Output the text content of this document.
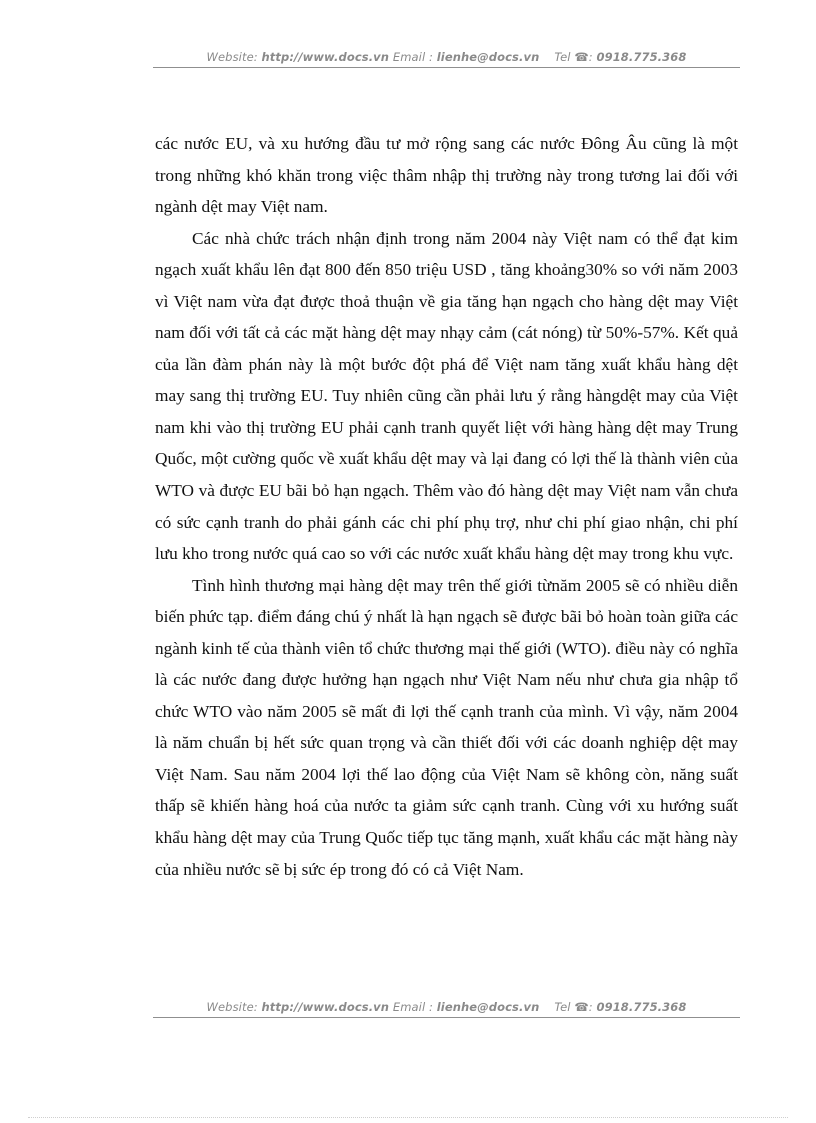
Website: http://www.docs.vn Email : lienhe@docs.vn Tel ☎: 0918.775.368

các nước EU, và xu hướng đầu tư mở rộng sang các nước Đông Âu cũng là một trong những khó khăn trong việc thâm nhập thị trường này trong tương lai đối với ngành dệt may Việt nam.

Các nhà chức trách nhận định trong năm 2004 này Việt nam có thể đạt kim ngạch xuất khẩu lên đạt 800 đến 850 triệu USD , tăng khoảng30% so với năm 2003 vì Việt nam vừa đạt được thoả thuận về gia tăng hạn ngạch cho hàng dệt may Việt nam đối với tất cả các mặt hàng dệt may nhạy cảm (cát nóng) từ 50%-57%. Kết quả của lần đàm phán này là một bước đột phá để Việt nam tăng xuất khẩu hàng dệt may sang thị trường EU. Tuy nhiên cũng cần phải lưu ý rằng hàngdệt may của Việt nam khi vào thị trường EU phải cạnh tranh quyết liệt với hàng hàng dệt may Trung Quốc, một cường quốc về xuất khẩu dệt may và lại đang có lợi thế là thành viên của WTO và được EU bãi bỏ hạn ngạch. Thêm vào đó hàng dệt may Việt nam vẫn chưa có sức cạnh tranh do phải gánh các chi phí phụ trợ, như chi phí giao nhận, chi phí lưu kho trong nước quá cao so với các nước xuất khẩu hàng dệt may trong khu vực.

Tình hình thương mại hàng dệt may trên thế giới từnăm 2005 sẽ có nhiều diễn biến phức tạp. điểm đáng chú ý nhất là hạn ngạch sẽ được bãi bỏ hoàn toàn giữa các ngành kinh tế của thành viên tổ chức thương mại thế giới (WTO). điều này có nghĩa là các nước đang được hưởng hạn ngạch như Việt Nam nếu như chưa gia nhập tổ chức WTO vào năm 2005 sẽ mất đi lợi thế cạnh tranh của mình. Vì vậy, năm 2004 là năm chuẩn bị hết sức quan trọng và cần thiết đối với các doanh nghiệp dệt may Việt Nam. Sau năm 2004 lợi thế lao động của Việt Nam sẽ không còn, năng suất thấp sẽ khiến hàng hoá của nước ta giảm sức cạnh tranh. Cùng với xu hướng suất khẩu hàng dệt may của Trung Quốc tiếp tục tăng mạnh, xuất khẩu các mặt hàng này của nhiều nước sẽ bị sức ép trong đó có cả Việt Nam.

Website: http://www.docs.vn Email : lienhe@docs.vn Tel ☎: 0918.775.368
